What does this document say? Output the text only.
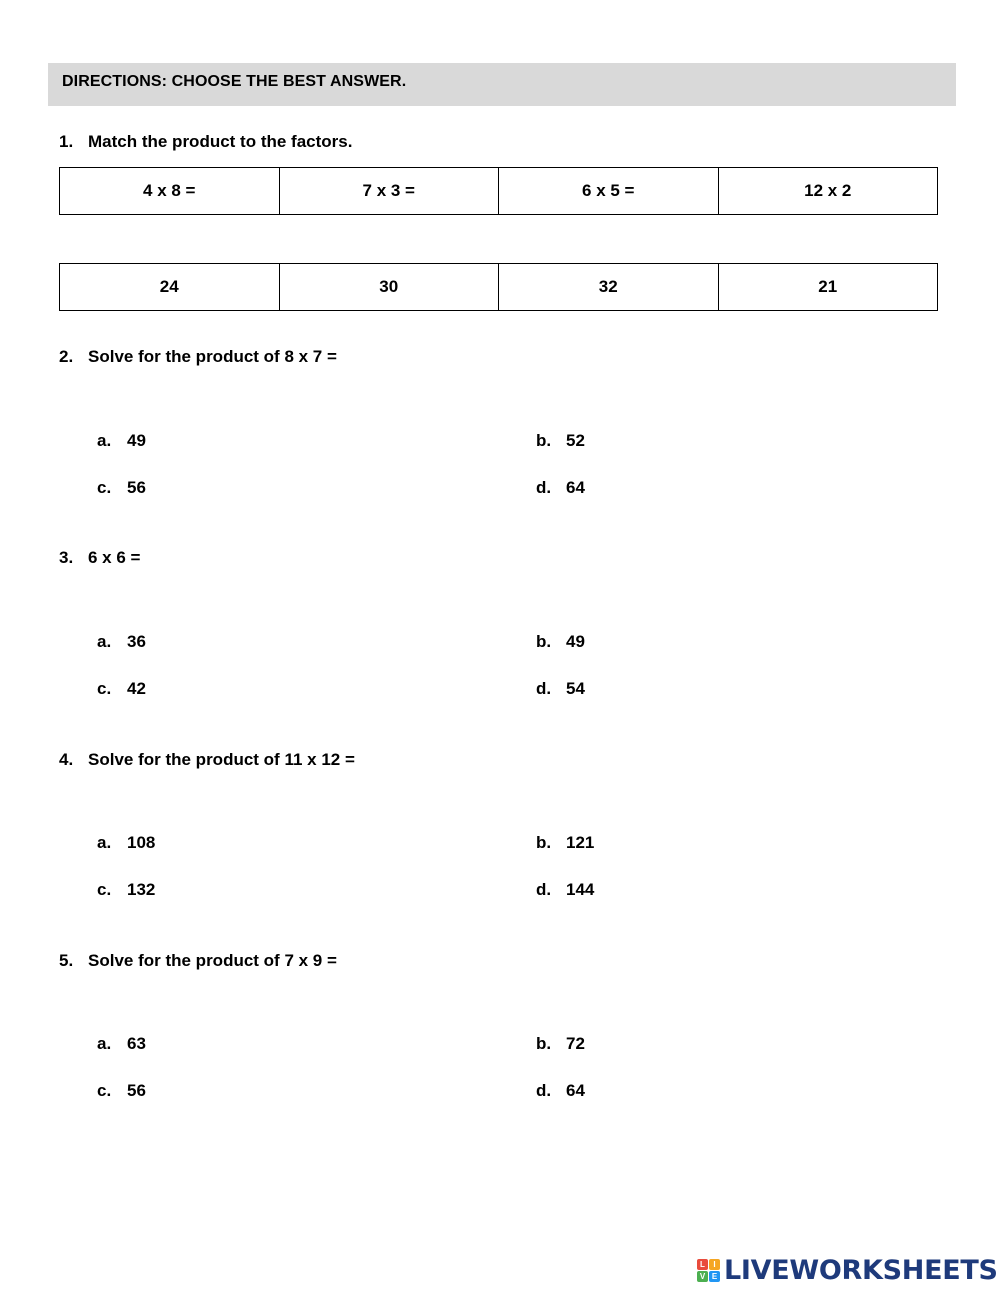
DIRECTIONS: CHOOSE THE BEST ANSWER.
1. Match the product to the factors.
4 x 8 =	7 x 3 =	6 x 5 =	12 x 2
24	30	32	21
2. Solve for the product of 8 x 7 =
a. 49	b. 52
c. 56	d. 64
3. 6 x 6 =
a. 36	b. 49
c. 42	d. 54
4. Solve for the product of 11 x 12 =
a. 108	b. 121
c. 132	d. 144
5. Solve for the product of 7 x 9 =
a. 63	b. 72
c. 56	d. 64
L	I
V E LIVEWORKSHEETS
